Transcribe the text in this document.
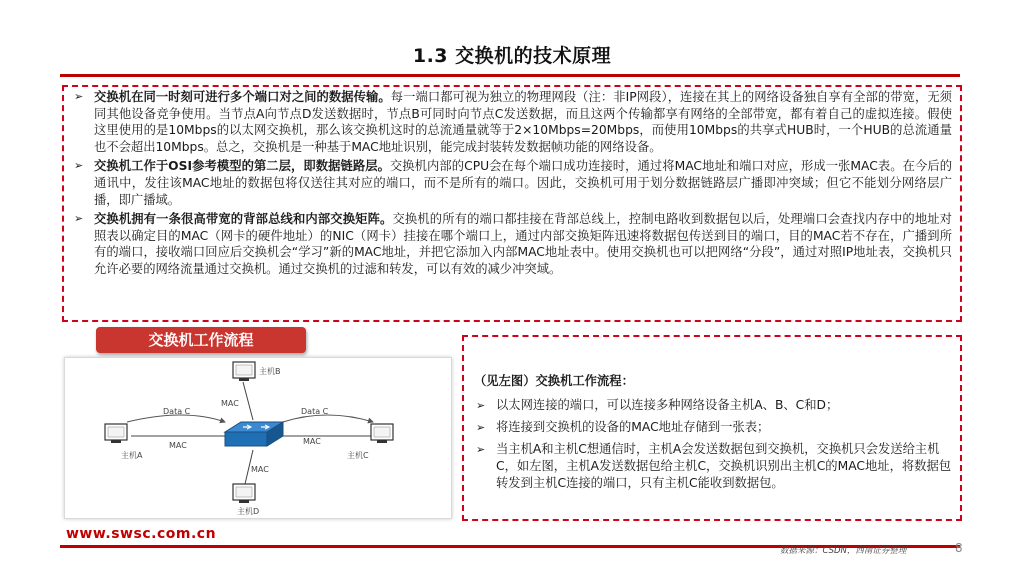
1.3 交换机的技术原理
➢ 交换机在同一时刻可进行多个端口对之间的数据传输。每一端口都可视为独立的物理网段（注：非IP网段），连接在其上的网络设备独自享有全部的带宽，无须同其他设备竞争使用。当节点A向节点D发送数据时，节点B可同时向节点C发送数据，而且这两个传输都享有网络的全部带宽，都有着自己的虚拟连接。假使这里使用的是10Mbps的以太网交换机，那么该交换机这时的总流通量就等于2×10Mbps=20Mbps，而使用10Mbps的共享式HUB时，一个HUB的总流通量也不会超出10Mbps。总之，交换机是一种基于MAC地址识别，能完成封装转发数据帧功能的网络设备。
➢ 交换机工作于OSI参考模型的第二层，即数据链路层。交换机内部的CPU会在每个端口成功连接时，通过将MAC地址和端口对应，形成一张MAC表。在今后的通讯中，发往该MAC地址的数据包将仅送往其对应的端口，而不是所有的端口。因此，交换机可用于划分数据链路层广播即冲突域；但它不能划分网络层广播，即广播域。
➢ 交换机拥有一条很高带宽的背部总线和内部交换矩阵。交换机的所有的端口都挂接在背部总线上，控制电路收到数据包以后，处理端口会查找内存中的地址对照表以确定目的MAC（网卡的硬件地址）的NIC（网卡）挂接在哪个端口上，通过内部交换矩阵迅速将数据包传送到目的端口，目的MAC若不存在，广播到所有的端口，接收端口回应后交换机会“学习”新的MAC地址，并把它添加入内部MAC地址表中。使用交换机也可以把网络“分段”，通过对照IP地址表，交换机只允许必要的网络流量通过交换机。通过交换机的过滤和转发，可以有效的减少冲突域。
交换机工作流程
主机B
MAC
Data C	Data C
MAC	MAC
MAC
主机A	主机C
主机D
www.swsc.com.cn
（见左图）交换机工作流程：
➢ 以太网连接的端口，可以连接多种网络设备主机A、B、C和D；
➢ 将连接到交换机的设备的MAC地址存储到一张表；
➢ 当主机A和主机C想通信时，主机A会发送数据包到交换机，交换机只会发送给主机C，如左图，主机A发送数据包给主机C，交换机识别出主机C的MAC地址，将数据包转发到主机C连接的端口，只有主机C能收到数据包。
数据来源：CSDN，西南证券整理	8
